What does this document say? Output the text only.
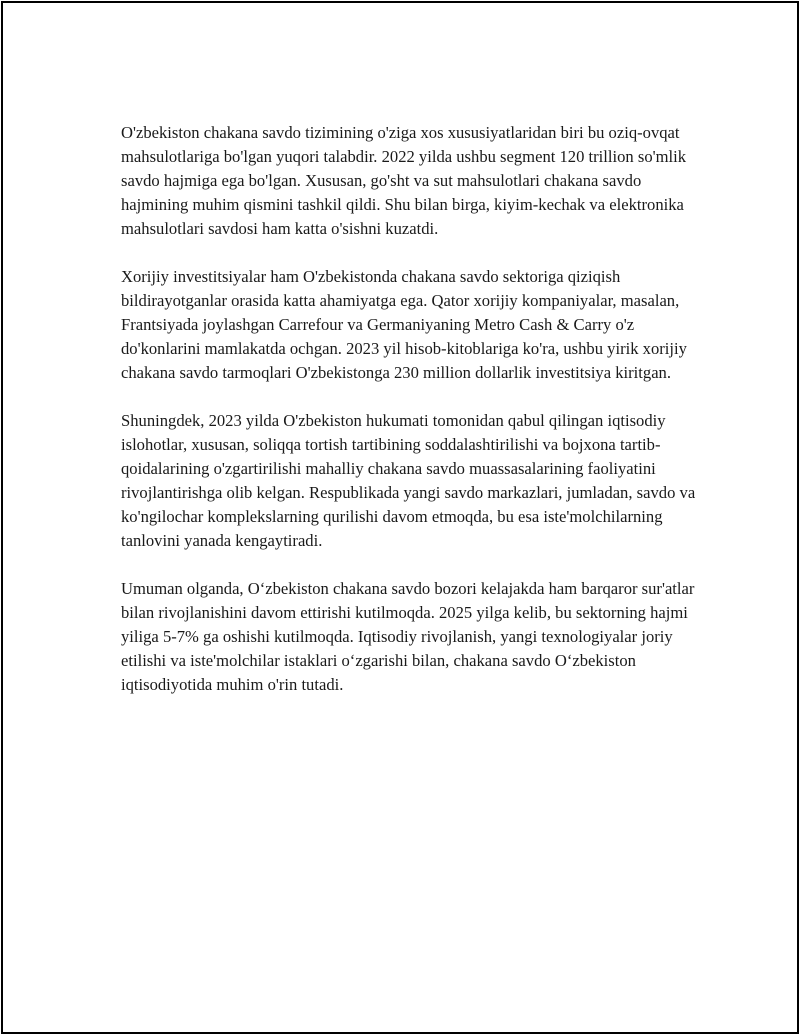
O'zbekiston chakana savdo tizimining o'ziga xos xususiyatlaridan biri bu oziq-ovqat mahsulotlariga bo'lgan yuqori talabdir. 2022 yilda ushbu segment 120 trillion so'mlik savdo hajmiga ega bo'lgan. Xususan, go'sht va sut mahsulotlari chakana savdo hajmining muhim qismini tashkil qildi. Shu bilan birga, kiyim-kechak va elektronika mahsulotlari savdosi ham katta o'sishni kuzatdi.

Xorijiy investitsiyalar ham O'zbekistonda chakana savdo sektoriga qiziqish bildirayotganlar orasida katta ahamiyatga ega. Qator xorijiy kompaniyalar, masalan, Frantsiyada joylashgan Carrefour va Germaniyaning Metro Cash & Carry o'z do'konlarini mamlakatda ochgan. 2023 yil hisob-kitoblariga ko'ra, ushbu yirik xorijiy chakana savdo tarmoqlari O'zbekistonga 230 million dollarlik investitsiya kiritgan.

Shuningdek, 2023 yilda O'zbekiston hukumati tomonidan qabul qilingan iqtisodiy islohotlar, xususan, soliqqa tortish tartibining soddalashtirilishi va bojxona tartib-qoidalarining o'zgartirilishi mahalliy chakana savdo muassasalarining faoliyatini rivojlantirishga olib kelgan. Respublikada yangi savdo markazlari, jumladan, savdo va ko'ngilochar komplekslarning qurilishi davom etmoqda, bu esa iste'molchilarning tanlovini yanada kengaytiradi.

Umuman olganda, O‘zbekiston chakana savdo bozori kelajakda ham barqaror sur'atlar bilan rivojlanishini davom ettirishi kutilmoqda. 2025 yilga kelib, bu sektorning hajmi yiliga 5-7% ga oshishi kutilmoqda. Iqtisodiy rivojlanish, yangi texnologiyalar joriy etilishi va iste'molchilar istaklari o‘zgarishi bilan, chakana savdo O‘zbekiston iqtisodiyotida muhim o'rin tutadi.
